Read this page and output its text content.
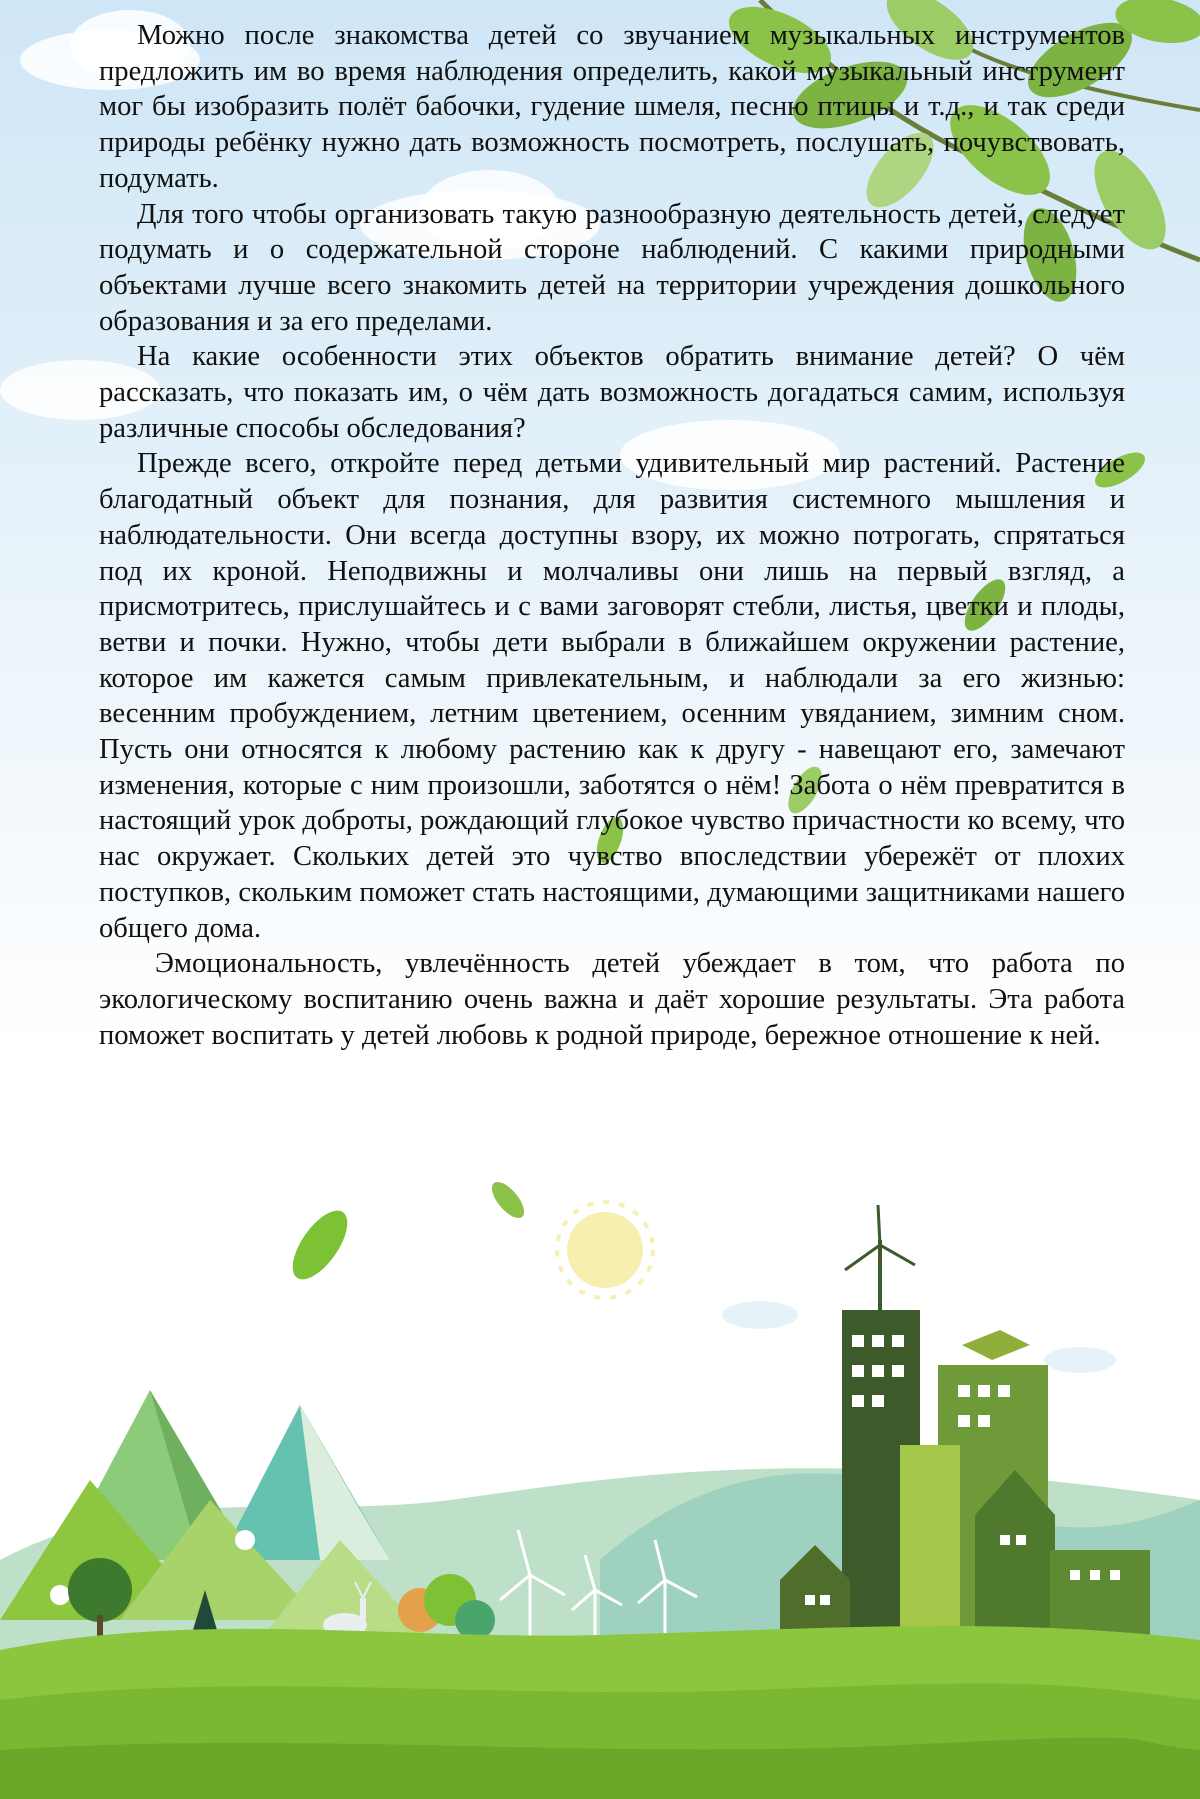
Можно после знакомства детей со звучанием музыкальных инструментов предложить им во время наблюдения определить, какой музыкальный инструмент мог бы изобразить полёт бабочки, гудение шмеля, песню птицы и т.д., и так среди природы ребёнку нужно дать возможность посмотреть, послушать, почувствовать, подумать.

Для того чтобы организовать такую разнообразную деятельность детей, следует подумать и о содержательной стороне наблюдений. С какими природными объектами лучше всего знакомить детей на территории учреждения дошкольного образования и за его пределами.

На какие особенности этих объектов обратить внимание детей? О чём рассказать, что показать им, о чём дать возможность догадаться самим, используя различные способы обследования?

Прежде всего, откройте перед детьми удивительный мир растений. Растение благодатный объект для познания, для развития системного мышления и наблюдательности. Они всегда доступны взору, их можно потрогать, спрятаться под их кроной. Неподвижны и молчаливы они лишь на первый взгляд, а присмотритесь, прислушайтесь и с вами заговорят стебли, листья, цветки и плоды, ветви и почки. Нужно, чтобы дети выбрали в ближайшем окружении растение, которое им кажется самым привлекательным, и наблюдали за его жизнью: весенним пробуждением, летним цветением, осенним увяданием, зимним сном. Пусть они относятся к любому растению как к другу - навещают его, замечают изменения, которые с ним произошли, заботятся о нём! Забота о нём превратится в настоящий урок доброты, рождающий глубокое чувство причастности ко всему, что нас окружает. Скольких детей это чувство впоследствии убережёт от плохих поступков, скольким поможет стать настоящими, думающими защитниками нашего общего дома.

Эмоциональность, увлечённость детей убеждает в том, что работа по экологическому воспитанию очень важна и даёт хорошие результаты. Эта работа поможет воспитать у детей любовь к родной природе, бережное отношение к ней.
